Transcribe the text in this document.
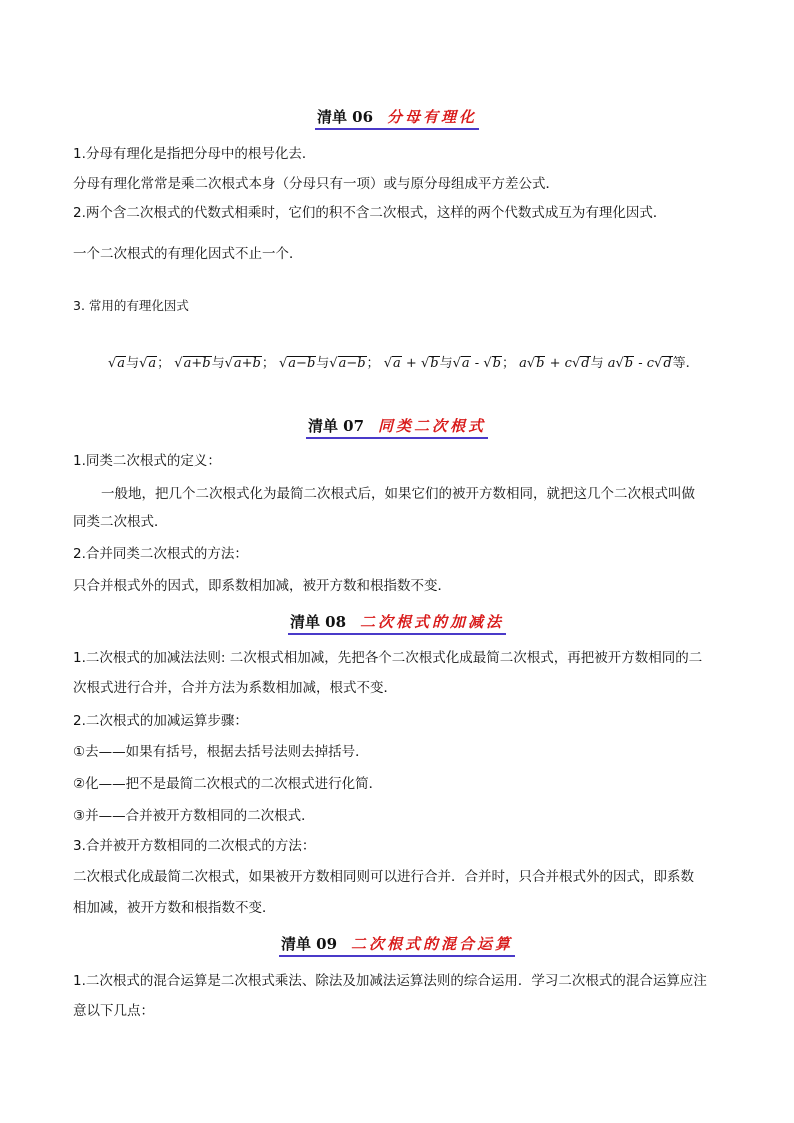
清单 06 分母有理化
1.分母有理化是指把分母中的根号化去．
分母有理化常常是乘二次根式本身（分母只有一项）或与原分母组成平方差公式．
2.两个含二次根式的代数式相乘时，它们的积不含二次根式，这样的两个代数式成互为有理化因式．
一个二次根式的有理化因式不止一个．
3. 常用的有理化因式
√a与√a； √a+b与√a+b； √a−b与√a−b； √a + √b与√a - √b； a√b + c√d与 a√b - c√d等.
清单 07 同类二次根式
1.同类二次根式的定义：
一般地，把几个二次根式化为最简二次根式后，如果它们的被开方数相同，就把这几个二次根式叫做
同类二次根式．
2.合并同类二次根式的方法：
只合并根式外的因式，即系数相加减，被开方数和根指数不变．
清单 08 二次根式的加减法
1.二次根式的加减法法则: 二次根式相加减，先把各个二次根式化成最简二次根式，再把被开方数相同的二
次根式进行合并，合并方法为系数相加减，根式不变．
2.二次根式的加减运算步骤：
①去——如果有括号，根据去括号法则去掉括号．
②化——把不是最简二次根式的二次根式进行化简．
③并——合并被开方数相同的二次根式．
3.合并被开方数相同的二次根式的方法：
二次根式化成最简二次根式，如果被开方数相同则可以进行合并．合并时，只合并根式外的因式，即系数
相加减，被开方数和根指数不变．
清单 09 二次根式的混合运算
1.二次根式的混合运算是二次根式乘法、除法及加减法运算法则的综合运用．学习二次根式的混合运算应注
意以下几点：
